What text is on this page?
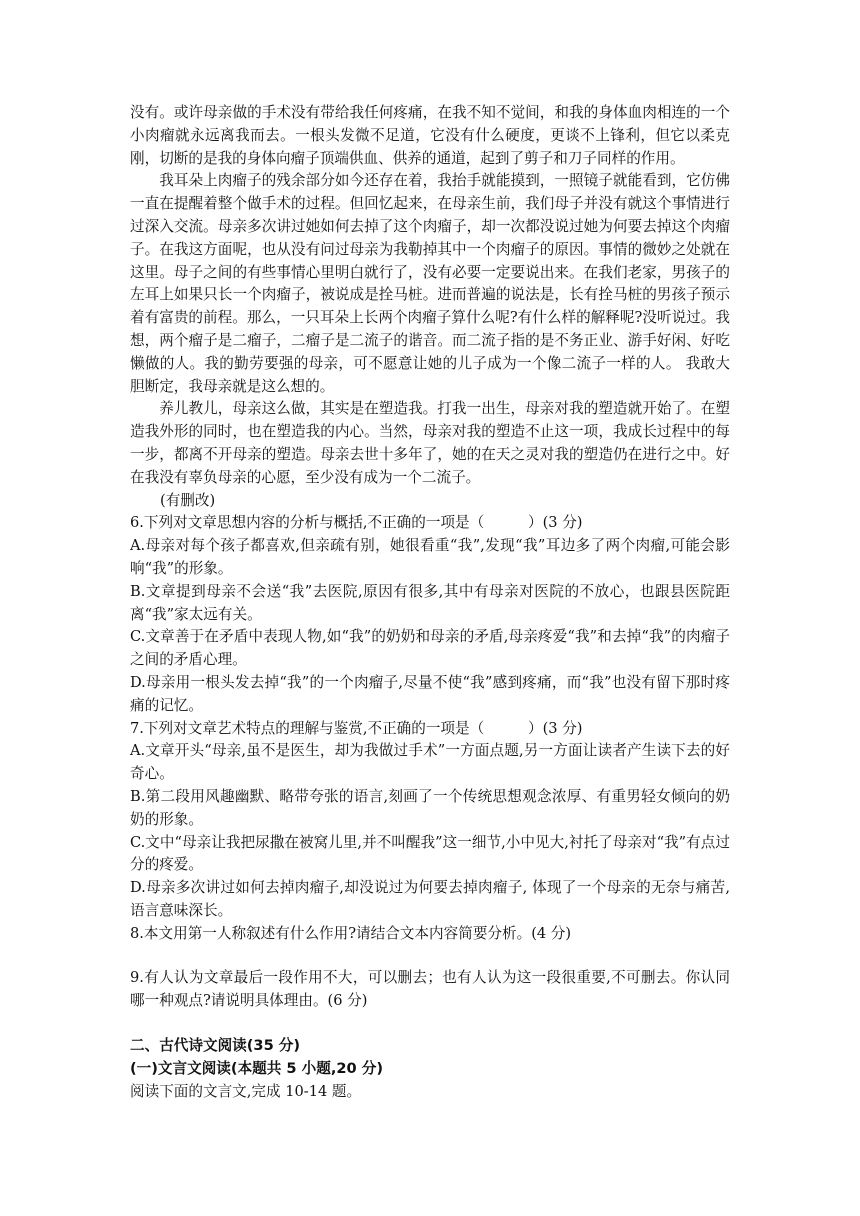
没有。或许母亲做的手术没有带给我任何疼痛，在我不知不觉间，和我的身体血肉相连的一个小肉瘤就永远离我而去。一根头发微不足道，它没有什么硬度，更谈不上锋利，但它以柔克刚，切断的是我的身体向瘤子顶端供血、供养的通道，起到了剪子和刀子同样的作用。

我耳朵上肉瘤子的残余部分如今还存在着，我抬手就能摸到，一照镜子就能看到，它仿佛一直在提醒着整个做手术的过程。但回忆起来，在母亲生前，我们母子并没有就这个事情进行过深入交流。母亲多次讲过她如何去掉了这个肉瘤子，却一次都没说过她为何要去掉这个肉瘤子。在我这方面呢，也从没有问过母亲为我勒掉其中一个肉瘤子的原因。事情的微妙之处就在这里。母子之间的有些事情心里明白就行了，没有必要一定要说出来。在我们老家，男孩子的左耳上如果只长一个肉瘤子，被说成是拴马桩。进而普遍的说法是，长有拴马桩的男孩子预示着有富贵的前程。那么，一只耳朵上长两个肉瘤子算什么呢?有什么样的解释呢?没听说过。我想，两个瘤子是二瘤子，二瘤子是二流子的谐音。而二流子指的是不务正业、游手好闲、好吃懒做的人。我的勤劳要强的母亲，可不愿意让她的儿子成为一个像二流子一样的人。 我敢大胆断定，我母亲就是这么想的。

养儿教儿，母亲这么做，其实是在塑造我。打我一出生，母亲对我的塑造就开始了。在塑造我外形的同时，也在塑造我的内心。当然，母亲对我的塑造不止这一项，我成长过程中的每一步，都离不开母亲的塑造。母亲去世十多年了，她的在天之灵对我的塑造仍在进行之中。好在我没有辜负母亲的心愿，至少没有成为一个二流子。

(有删改)

6.下列对文章思想内容的分析与概括,不正确的一项是（　　　）(3 分)

A.母亲对每个孩子都喜欢,但亲疏有别，她很看重“我”,发现“我”耳边多了两个肉瘤,可能会影响“我”的形象。

B.文章提到母亲不会送“我”去医院,原因有很多,其中有母亲对医院的不放心，也跟县医院距离“我”家太远有关。

C.文章善于在矛盾中表现人物,如“我”的奶奶和母亲的矛盾,母亲疼爱“我”和去掉“我”的肉瘤子之间的矛盾心理。

D.母亲用一根头发去掉“我”的一个肉瘤子,尽量不使“我”感到疼痛，而“我”也没有留下那时疼痛的记忆。

7.下列对文章艺术特点的理解与鉴赏,不正确的一项是（　　　）(3 分)

A.文章开头“母亲,虽不是医生，却为我做过手术”一方面点题,另一方面让读者产生读下去的好奇心。

B.第二段用风趣幽默、略带夸张的语言,刻画了一个传统思想观念浓厚、有重男轻女倾向的奶奶的形象。

C.文中“母亲让我把尿撒在被窝儿里,并不叫醒我”这一细节,小中见大,衬托了母亲对“我”有点过分的疼爱。

D.母亲多次讲过如何去掉肉瘤子,却没说过为何要去掉肉瘤子, 体现了一个母亲的无奈与痛苦,语言意味深长。

8.本文用第一人称叙述有什么作用?请结合文本内容简要分析。(4 分)

9.有人认为文章最后一段作用不大，可以删去；也有人认为这一段很重要,不可删去。你认同哪一种观点?请说明具体理由。(6 分)

二、古代诗文阅读(35 分)

(一)文言文阅读(本题共 5 小题,20 分)

阅读下面的文言文,完成 10-14 题。
